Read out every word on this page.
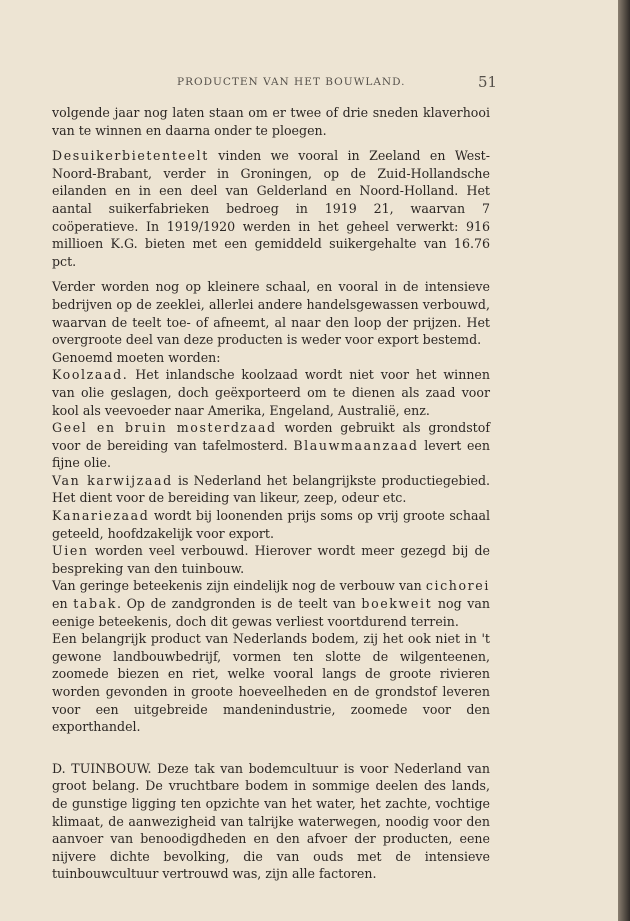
PRODUCTEN VAN HET BOUWLAND.	51

volgende jaar nog laten staan om er twee of drie sneden klaverhooi van te winnen en daarna onder te ploegen.

Desuikerbietenteelt vinden we vooral in Zeeland en West-Noord-Brabant, verder in Groningen, op de Zuid-Hollandsche eilanden en in een deel van Gelderland en Noord-Holland. Het aantal suikerfabrieken bedroeg in 1919 21, waarvan 7 coöperatieve. In 1919/1920 werden in het geheel verwerkt: 916 millioen K.G. bieten met een gemiddeld suikergehalte van 16.76 pct.

Verder worden nog op kleinere schaal, en vooral in de intensieve bedrijven op de zeeklei, allerlei andere handelsgewassen verbouwd, waarvan de teelt toe- of afneemt, al naar den loop der prijzen. Het overgroote deel van deze producten is weder voor export bestemd.

Genoemd moeten worden:

Koolzaad. Het inlandsche koolzaad wordt niet voor het winnen van olie geslagen, doch geëxporteerd om te dienen als zaad voor kool als veevoeder naar Amerika, Engeland, Australië, enz.

Geel en bruin mosterdzaad worden gebruikt als grondstof voor de bereiding van tafelmosterd. Blauwmaanzaad levert een fijne olie.

Van karwijzaad is Nederland het belangrijkste productiegebied. Het dient voor de bereiding van likeur, zeep, odeur etc.

Kanariezaad wordt bij loonenden prijs soms op vrij groote schaal geteeld, hoofdzakelijk voor export.

Uien worden veel verbouwd. Hierover wordt meer gezegd bij de bespreking van den tuinbouw.

Van geringe beteekenis zijn eindelijk nog de verbouw van cichorei en tabak. Op de zandgronden is de teelt van boekweit nog van eenige beteekenis, doch dit gewas verliest voortdurend terrein.

Een belangrijk product van Nederlands bodem, zij het ook niet in 't gewone landbouwbedrijf, vormen ten slotte de wilgenteenen, zoomede biezen en riet, welke vooral langs de groote rivieren worden gevonden in groote hoeveelheden en de grondstof leveren voor een uitgebreide mandenindustrie, zoomede voor den exporthandel.

D. TUINBOUW. Deze tak van bodemcultuur is voor Nederland van groot belang. De vruchtbare bodem in sommige deelen des lands, de gunstige ligging ten opzichte van het water, het zachte, vochtige klimaat, de aanwezigheid van talrijke waterwegen, noodig voor den aanvoer van benoodigdheden en den afvoer der producten, eene nijvere dichte bevolking, die van ouds met de intensieve tuinbouwcultuur vertrouwd was, zijn alle factoren.
